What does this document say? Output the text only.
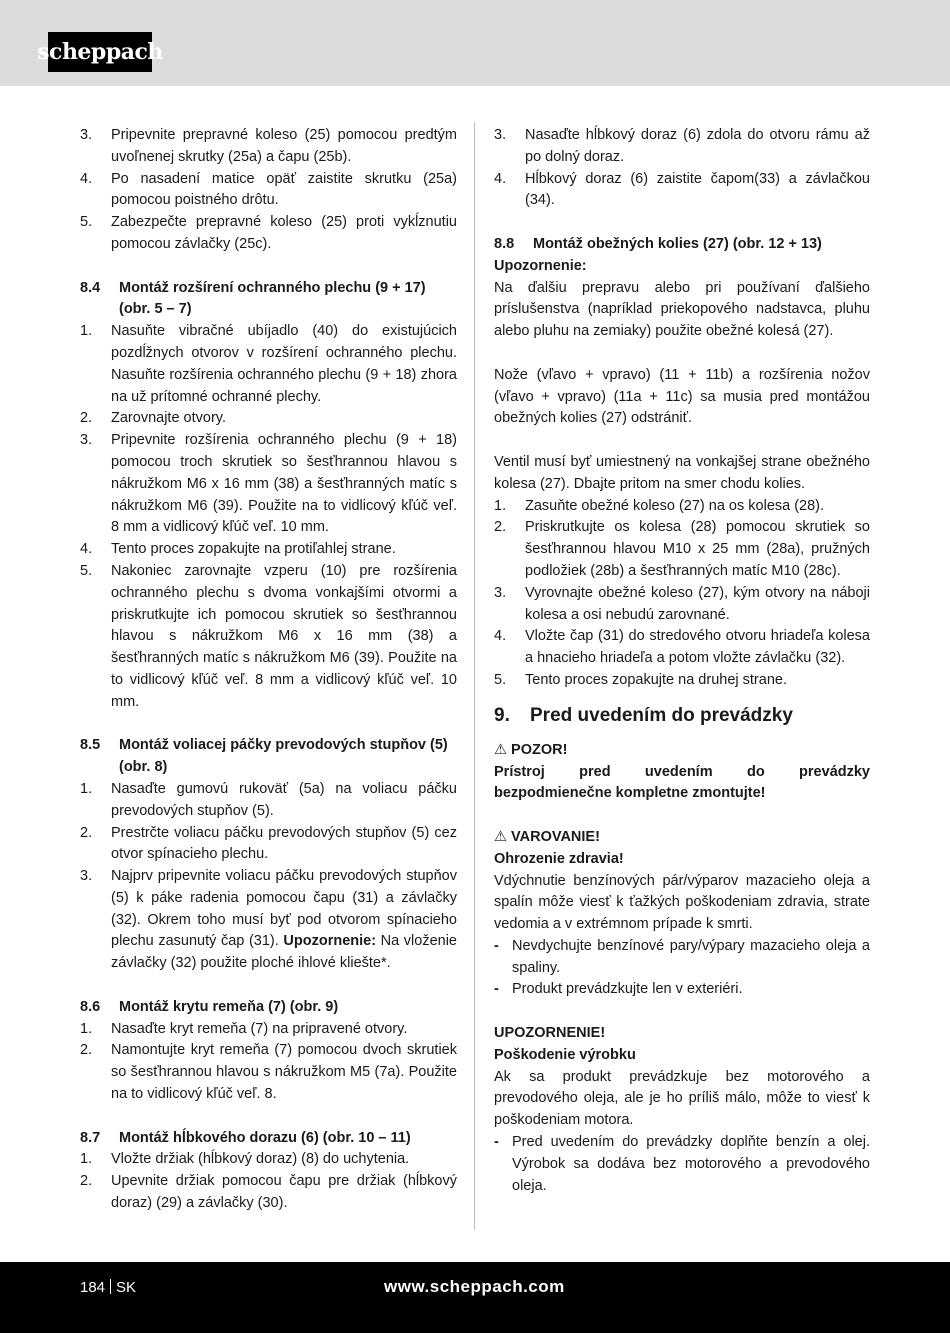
scheppach
3. Pripevnite prepravné koleso (25) pomocou predtým uvoľnenej skrutky (25a) a čapu (25b).
4. Po nasadení matice opäť zaistite skrutku (25a) pomocou poistného drôtu.
5. Zabezpečte prepravné koleso (25) proti vykĺznutiu pomocou závlačky (25c).
8.4 Montáž rozšírení ochranného plechu (9 + 17) (obr. 5 – 7)
1. Nasuňte vibračné ubíjadlo (40) do existujúcich pozdĺžnych otvorov v rozšírení ochranného plechu. Nasuňte rozšírenia ochranného plechu (9 + 18) zhora na už prítomné ochranné plechy.
2. Zarovnajte otvory.
3. Pripevnite rozšírenia ochranného plechu (9 + 18) pomocou troch skrutiek so šesťhrannou hlavou s nákružkom M6 x 16 mm (38) a šesťhranných matíc s nákružkom M6 (39). Použite na to vidlicový kľúč veľ. 8 mm a vidlicový kľúč veľ. 10 mm.
4. Tento proces zopakujte na protiľahlej strane.
5. Nakoniec zarovnajte vzperu (10) pre rozšírenia ochranného plechu s dvoma vonkajšími otvormi a priskrutkujte ich pomocou skrutiek so šesťhrannou hlavou s nákružkom M6 x 16 mm (38) a šesťhranných matíc s nákružkom M6 (39). Použite na to vidlicový kľúč veľ. 8 mm a vidlicový kľúč veľ. 10 mm.
8.5 Montáž voliacej páčky prevodových stupňov (5) (obr. 8)
1. Nasaďte gumovú rukoväť (5a) na voliacu páčku prevodových stupňov (5).
2. Prestrčte voliacu páčku prevodových stupňov (5) cez otvor spínacieho plechu.
3. Najprv pripevnite voliacu páčku prevodových stupňov (5) k páke radenia pomocou čapu (31) a závlačky (32). Okrem toho musí byť pod otvorom spínacieho plechu zasunutý čap (31). Upozornenie: Na vloženie závlačky (32) použite ploché ihlové kliešte*.
8.6 Montáž krytu remeňa (7) (obr. 9)
1. Nasaďte kryt remeňa (7) na pripravené otvory.
2. Namontujte kryt remeňa (7) pomocou dvoch skrutiek so šesťhrannou hlavou s nákružkom M5 (7a). Použite na to vidlicový kľúč veľ. 8.
8.7 Montáž hĺbkového dorazu (6) (obr. 10 – 11)
1. Vložte držiak (hĺbkový doraz) (8) do uchytenia.
2. Upevnite držiak pomocou čapu pre držiak (hĺbkový doraz) (29) a závlačky (30).
3. Nasaďte hĺbkový doraz (6) zdola do otvoru rámu až po dolný doraz.
4. Hĺbkový doraz (6) zaistite čapom(33) a závlačkou (34).
8.8 Montáž obežných kolies (27) (obr. 12 + 13)
Upozornenie:
Na ďalšiu prepravu alebo pri používaní ďalšieho príslušenstva (napríklad priekopového nadstavca, pluhu alebo pluhu na zemiaky) použite obežné kolesá (27).
Nože (vľavo + vpravo) (11 + 11b) a rozšírenia nožov (vľavo + vpravo) (11a + 11c) sa musia pred montážou obežných kolies (27) odstrániť.
Ventil musí byť umiestnený na vonkajšej strane obežného kolesa (27). Dbajte pritom na smer chodu kolies.
1. Zasuňte obežné koleso (27) na os kolesa (28).
2. Priskrutkujte os kolesa (28) pomocou skrutiek so šesťhrannou hlavou M10 x 25 mm (28a), pružných podložiek (28b) a šesťhranných matíc M10 (28c).
3. Vyrovnajte obežné koleso (27), kým otvory na náboji kolesa a osi nebudú zarovnané.
4. Vložte čap (31) do stredového otvoru hriadeľa kolesa a hnacieho hriadeľa a potom vložte závlačku (32).
5. Tento proces zopakujte na druhej strane.
9. Pred uvedením do prevádzky
⚠ POZOR!
Prístroj pred uvedením do prevádzky bezpodmienečne kompletne zmontujte!
⚠ VAROVANIE!
Ohrozenie zdravia!
Vdýchnutie benzínových pár/výparov mazacieho oleja a spalín môže viesť k ťažkých poškodeniam zdravia, strate vedomia a v extrémnom prípade k smrti.
- Nevdychujte benzínové pary/výpary mazacieho oleja a spaliny.
- Produkt prevádzkujte len v exteriéri.
UPOZORNENIE!
Poškodenie výrobku
Ak sa produkt prevádzkuje bez motorového a prevodového oleja, ale je ho príliš málo, môže to viesť k poškodeniam motora.
- Pred uvedením do prevádzky doplňte benzín a olej. Výrobok sa dodáva bez motorového a prevodového oleja.
184 SK	www.scheppach.com
